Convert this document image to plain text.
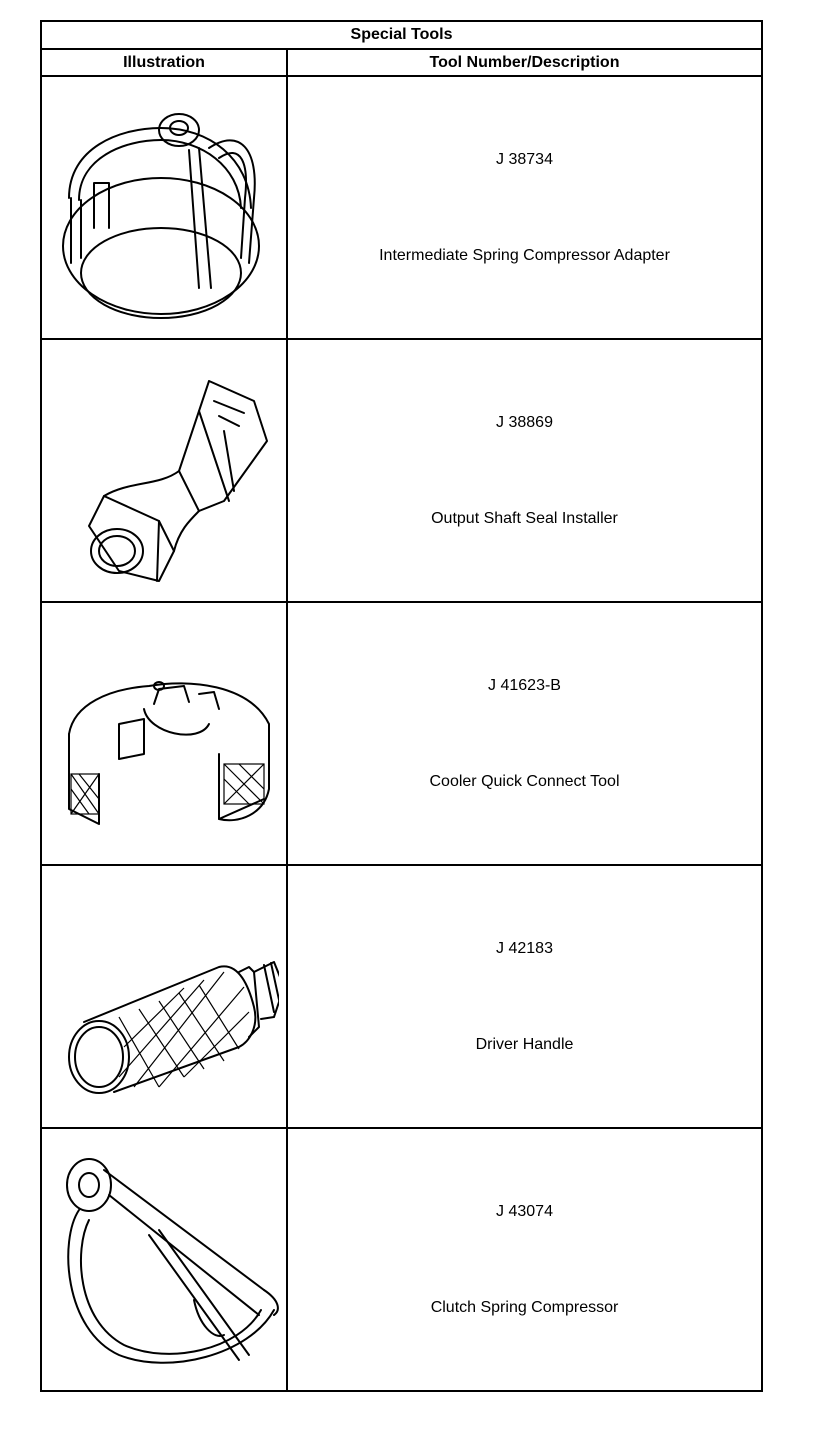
Special Tools	
Illustration	Tool Number/Description

J 38734
Intermediate Spring Compressor Adapter

J 38869
Output Shaft Seal Installer

J 41623-B
Cooler Quick Connect Tool

J 42183
Driver Handle

J 43074
Clutch Spring Compressor
